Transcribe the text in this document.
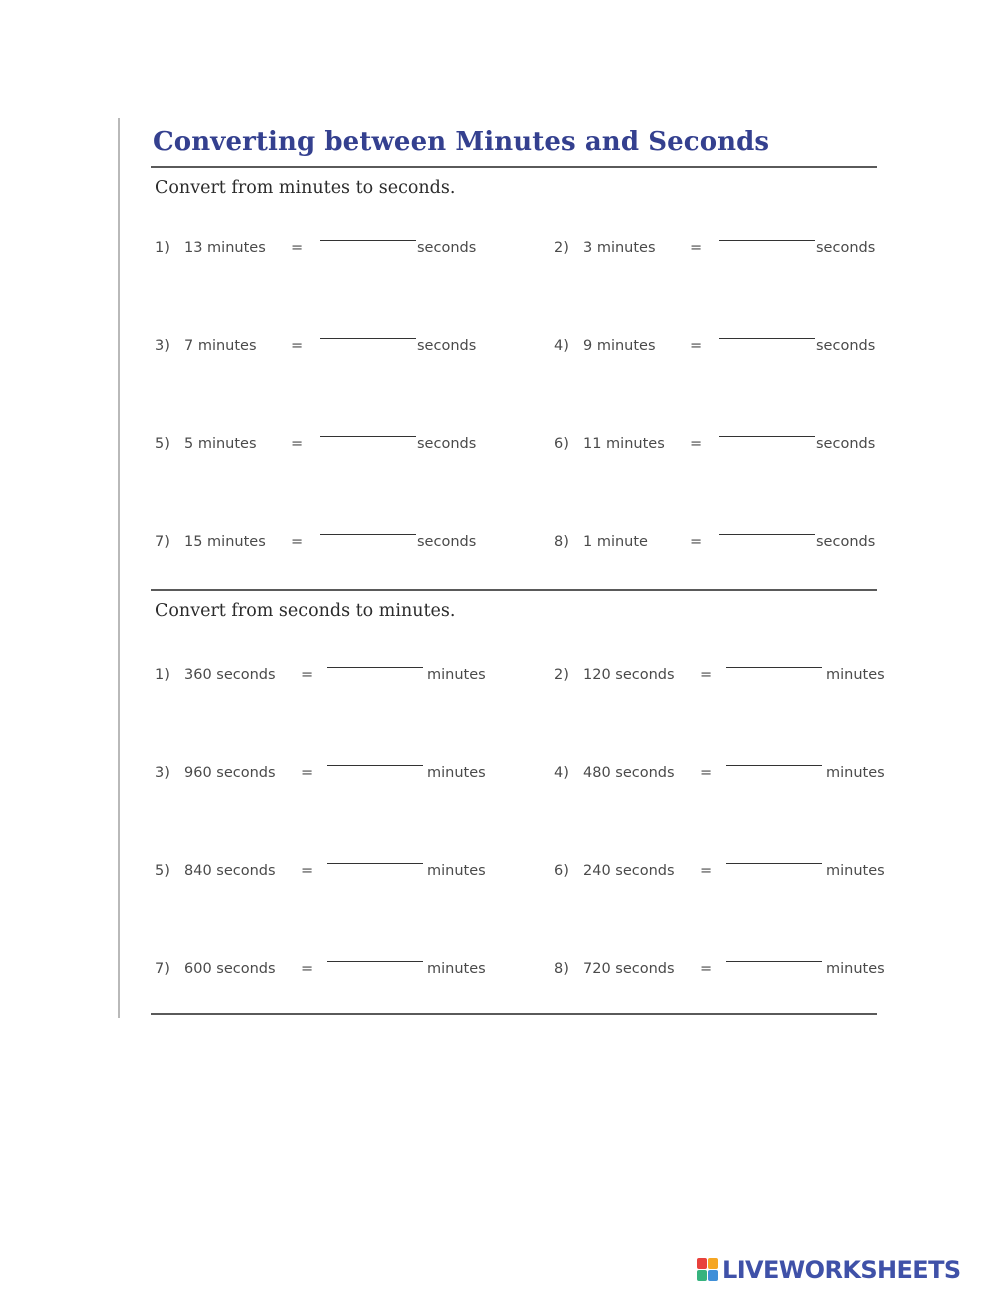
Converting between Minutes and Seconds
Convert from minutes to seconds.
1) 13 minutes =	seconds	2) 3 minutes =	seconds
3) 7 minutes =	seconds	4) 9 minutes =	seconds
5) 5 minutes =	seconds	6) 11 minutes =	seconds
7) 15 minutes =	seconds	8) 1 minute	=	seconds
Convert from seconds to minutes.
1) 360 seconds =	minutes	2) 120 seconds =	minutes
3) 960 seconds =	minutes	4) 480 seconds =	minutes
5) 840 seconds =	minutes	6) 240 seconds =	minutes
7) 600 seconds =	minutes	8) 720 seconds =	minutes
LIVEWORKSHEETS
